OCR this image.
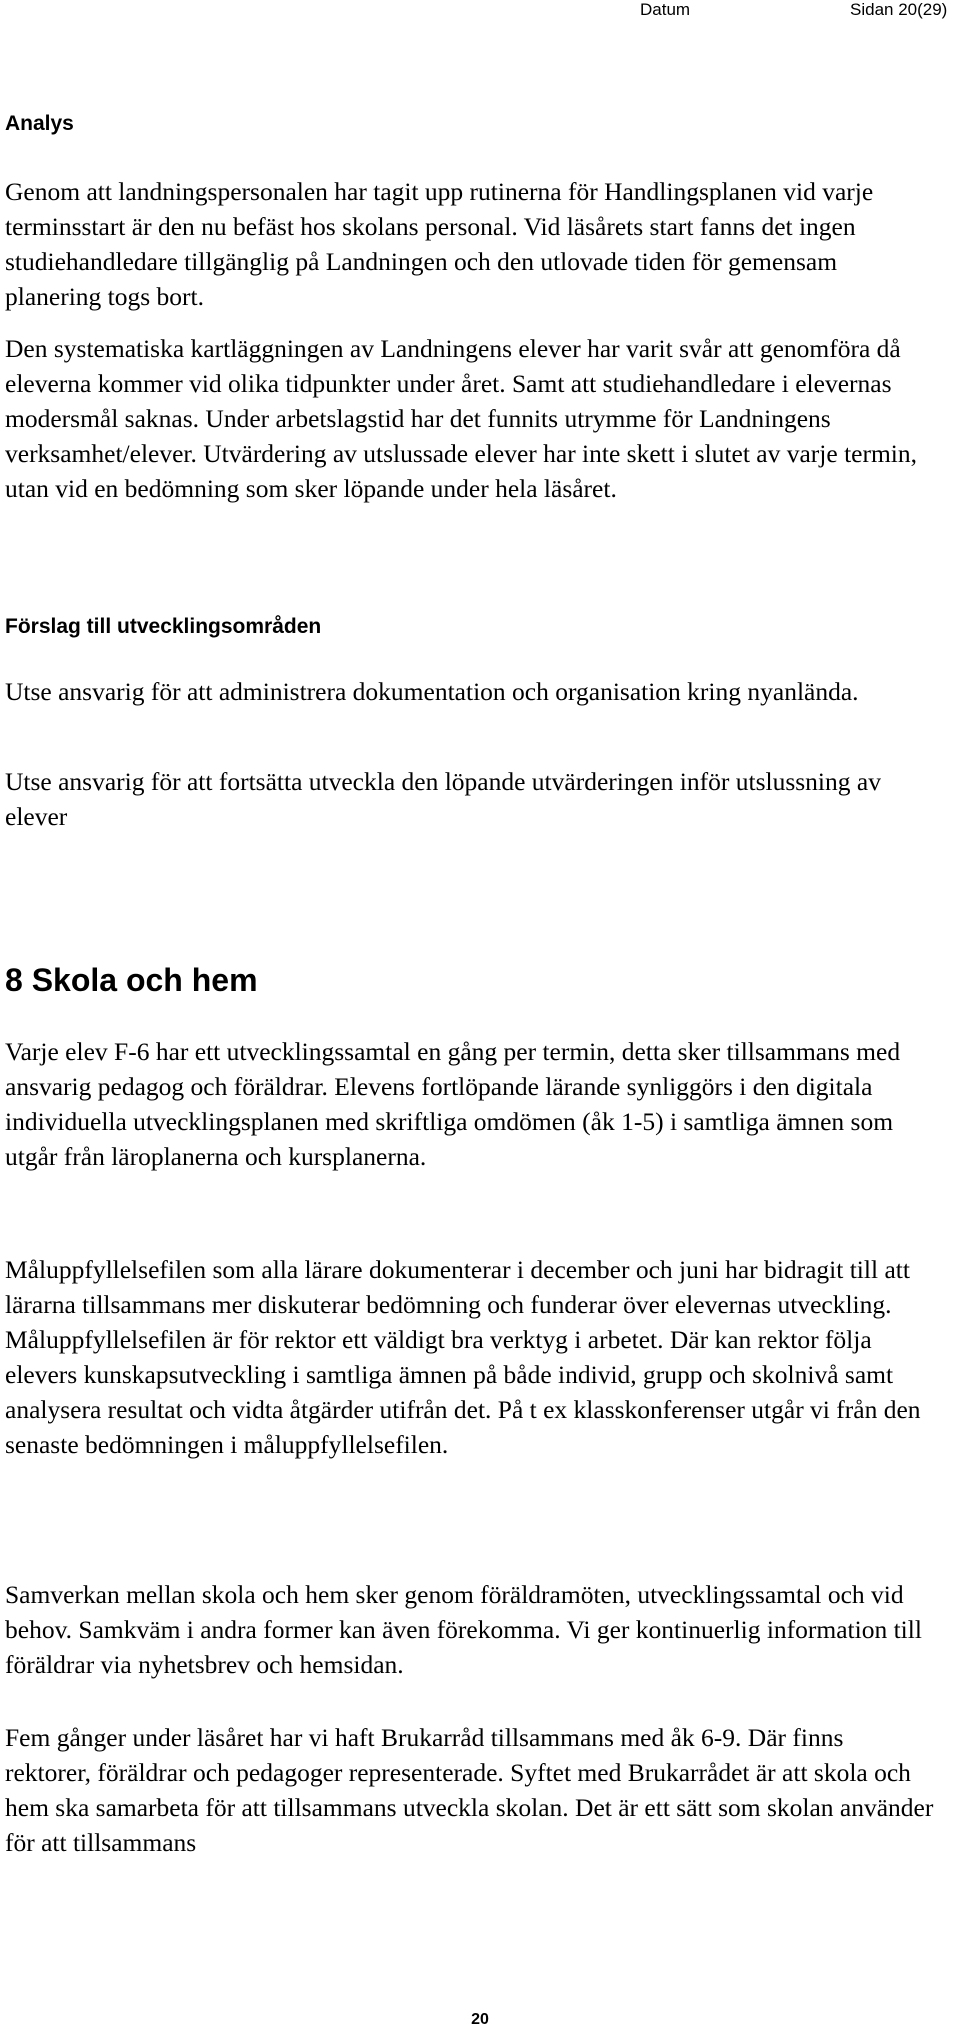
Datum	Sidan 20(29)
Analys

Genom att landningspersonalen har tagit upp rutinerna för Handlingsplanen vid varje terminsstart är den nu befäst hos skolans personal. Vid läsårets start fanns det ingen studiehandledare tillgänglig på Landningen och den utlovade tiden för gemensam planering togs bort.

Den systematiska kartläggningen av Landningens elever har varit svår att genomföra då eleverna kommer vid olika tidpunkter under året. Samt att studiehandledare i elevernas modersmål saknas. Under arbetslagstid har det funnits utrymme för Landningens verksamhet/elever. Utvärdering av utslussade elever har inte skett i slutet av varje termin, utan vid en bedömning som sker löpande under hela läsåret.

Förslag till utvecklingsområden

Utse ansvarig för att administrera dokumentation och organisation kring nyanlända.

Utse ansvarig för att fortsätta utveckla den löpande utvärderingen inför utslussning av elever

8 Skola och hem

Varje elev F-6 har ett utvecklingssamtal en gång per termin, detta sker tillsammans med ansvarig pedagog och föräldrar. Elevens fortlöpande lärande synliggörs i den digitala individuella utvecklingsplanen med skriftliga omdömen (åk 1-5) i samtliga ämnen som utgår från läroplanerna och kursplanerna.

Måluppfyllelsefilen som alla lärare dokumenterar i december och juni har bidragit till att lärarna tillsammans mer diskuterar bedömning och funderar över elevernas utveckling. Måluppfyllelsefilen är för rektor ett väldigt bra verktyg i arbetet. Där kan rektor följa elevers kunskapsutveckling i samtliga ämnen på både individ, grupp och skolnivå samt analysera resultat och vidta åtgärder utifrån det. På t ex klasskonferenser utgår vi från den senaste bedömningen i måluppfyllelsefilen.

Samverkan mellan skola och hem sker genom föräldramöten, utvecklingssamtal och vid behov. Samkväm i andra former kan även förekomma. Vi ger kontinuerlig information till föräldrar via nyhetsbrev och hemsidan.

Fem gånger under läsåret har vi haft Brukarråd tillsammans med åk 6-9. Där finns rektorer, föräldrar och pedagoger representerade. Syftet med Brukarrådet är att skola och hem ska samarbeta för att tillsammans utveckla skolan. Det är ett sätt som skolan använder för att tillsammans

20
